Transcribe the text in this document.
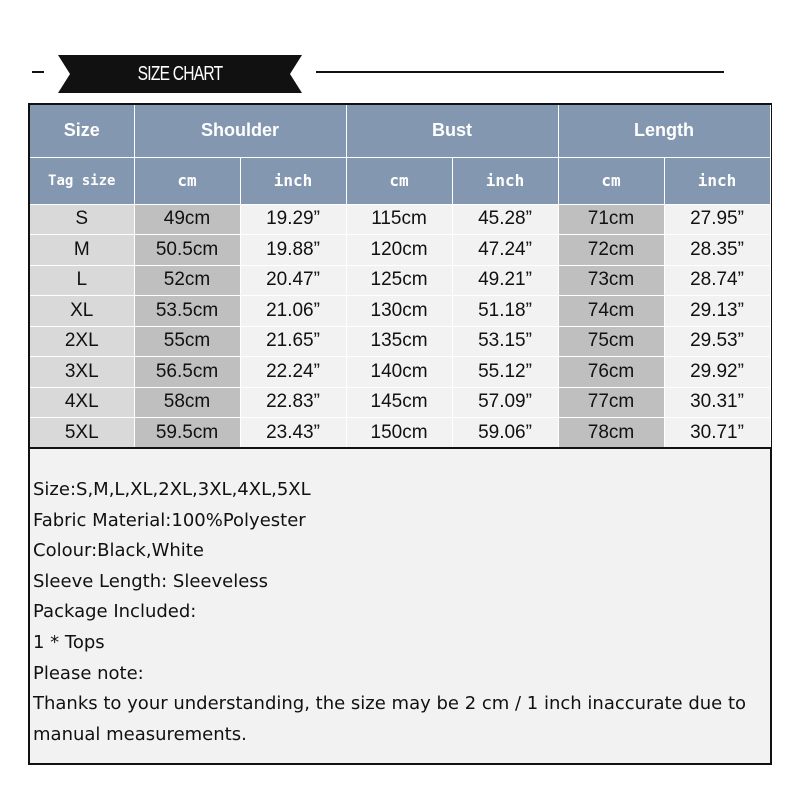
SIZE CHART
Size	Shoulder		Bust		Length	
Tag size	cm	inch	cm	inch	cm	inch
S	49cm	19.29”	115cm	45.28”	71cm	27.95”
M	50.5cm	19.88”	120cm	47.24”	72cm	28.35”
L	52cm	20.47”	125cm	49.21”	73cm	28.74”
XL	53.5cm	21.06”	130cm	51.18”	74cm	29.13”
2XL	55cm	21.65”	135cm	53.15”	75cm	29.53”
3XL	56.5cm	22.24”	140cm	55.12”	76cm	29.92”
4XL	58cm	22.83”	145cm	57.09”	77cm	30.31”
5XL	59.5cm	23.43”	150cm	59.06”	78cm	30.71”
Size:S,M,L,XL,2XL,3XL,4XL,5XL
Fabric Material:100%Polyester
Colour:Black,White
Sleeve Length: Sleeveless
Package Included:
1 * Tops
Please note:
Thanks to your understanding, the size may be 2 cm / 1 inch inaccurate due to manual measurements.
